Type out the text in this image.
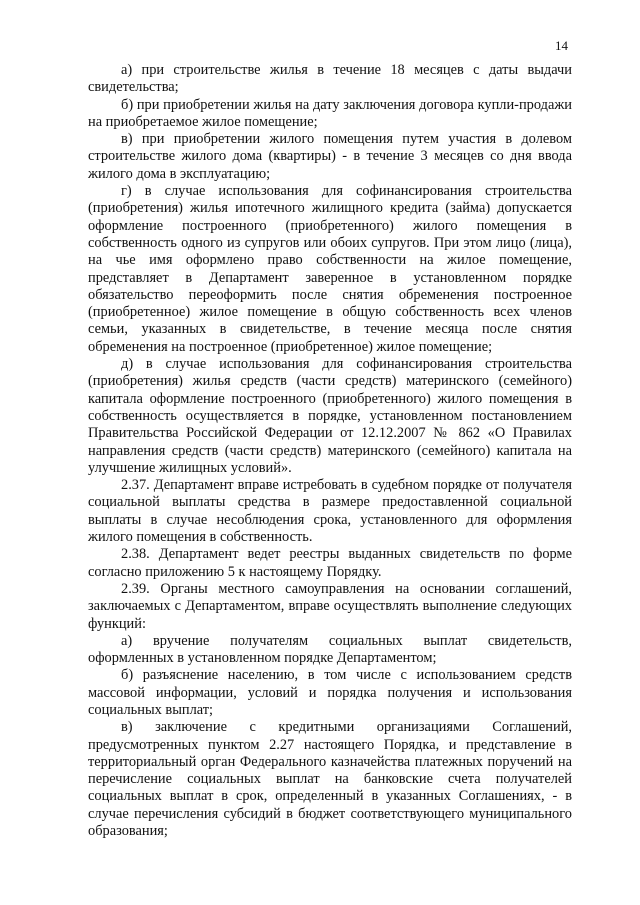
14

а) при строительстве жилья в течение 18 месяцев с даты выдачи свидетельства;

б) при приобретении жилья на дату заключения договора купли-продажи на приобретаемое жилое помещение;

в) при приобретении жилого помещения путем участия в долевом строительстве жилого дома (квартиры) - в течение 3 месяцев со дня ввода жилого дома в эксплуатацию;

г) в случае использования для софинансирования строительства (приобретения) жилья ипотечного жилищного кредита (займа) допускается оформление построенного (приобретенного) жилого помещения в собственность одного из супругов или обоих супругов. При этом лицо (лица), на чье имя оформлено право собственности на жилое помещение, представляет в Департамент заверенное в установленном порядке обязательство переоформить после снятия обременения построенное (приобретенное) жилое помещение в общую собственность всех членов семьи, указанных в свидетельстве, в течение месяца после снятия обременения на построенное (приобретенное) жилое помещение;

д) в случае использования для софинансирования строительства (приобретения) жилья средств (части средств) материнского (семейного) капитала оформление построенного (приобретенного) жилого помещения в собственность осуществляется в порядке, установленном постановлением Правительства Российской Федерации от 12.12.2007 № 862 «О Правилах направления средств (части средств) материнского (семейного) капитала на улучшение жилищных условий».

2.37. Департамент вправе истребовать в судебном порядке от получателя социальной выплаты средства в размере предоставленной социальной выплаты в случае несоблюдения срока, установленного для оформления жилого помещения в собственность.

2.38. Департамент ведет реестры выданных свидетельств по форме согласно приложению 5 к настоящему Порядку.

2.39. Органы местного самоуправления на основании соглашений, заключаемых с Департаментом, вправе осуществлять выполнение следующих функций:

а) вручение получателям социальных выплат свидетельств, оформленных в установленном порядке Департаментом;

б) разъяснение населению, в том числе с использованием средств массовой информации, условий и порядка получения и использования социальных выплат;

в) заключение с кредитными организациями Соглашений, предусмотренных пунктом 2.27 настоящего Порядка, и представление в территориальный орган Федерального казначейства платежных поручений на перечисление социальных выплат на банковские счета получателей социальных выплат в срок, определенный в указанных Соглашениях, - в случае перечисления субсидий в бюджет соответствующего муниципального образования;
